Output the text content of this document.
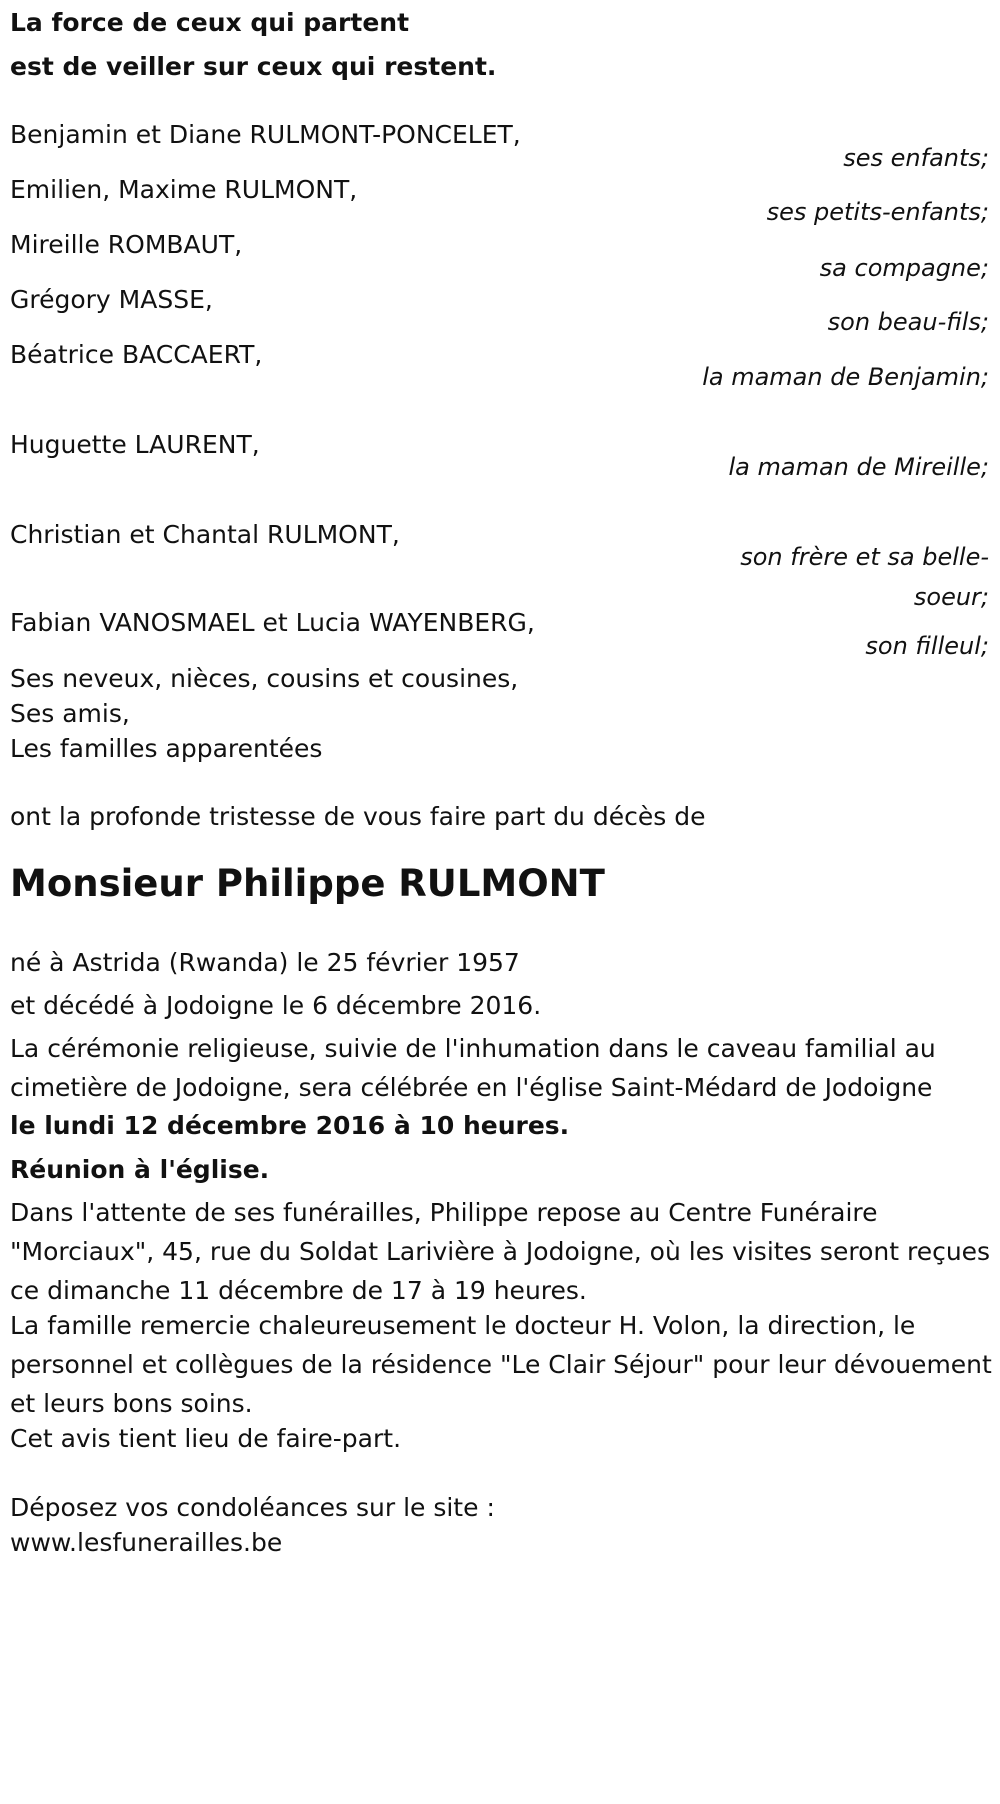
La force de ceux qui partent
est de veiller sur ceux qui restent.
Benjamin et Diane RULMONT-PONCELET,
ses enfants;
Emilien, Maxime RULMONT,
ses petits-enfants;
Mireille ROMBAUT,
sa compagne;
Grégory MASSE,
son beau-fils;
Béatrice BACCAERT,
la maman de Benjamin;
Huguette LAURENT,
la maman de Mireille;
Christian et Chantal RULMONT,
son frère et sa belle-soeur;
Fabian VANOSMAEL et Lucia WAYENBERG,
son filleul;
Ses neveux, nièces, cousins et cousines,
Ses amis,
Les familles apparentées
ont la profonde tristesse de vous faire part du décès de
Monsieur Philippe RULMONT
né à Astrida (Rwanda) le 25 février 1957
et décédé à Jodoigne le 6 décembre 2016.
La cérémonie religieuse, suivie de l'inhumation dans le caveau familial au cimetière de Jodoigne, sera célébrée en l'église Saint-Médard de Jodoigne
le lundi 12 décembre 2016 à 10 heures.
Réunion à l'église.
Dans l'attente de ses funérailles, Philippe repose au Centre Funéraire "Morciaux", 45, rue du Soldat Larivière à Jodoigne, où les visites seront reçues ce dimanche 11 décembre de 17 à 19 heures.
La famille remercie chaleureusement le docteur H. Volon, la direction, le personnel et collègues de la résidence "Le Clair Séjour" pour leur dévouement et leurs bons soins.
Cet avis tient lieu de faire-part.
Déposez vos condoléances sur le site :
www.lesfunerailles.be
